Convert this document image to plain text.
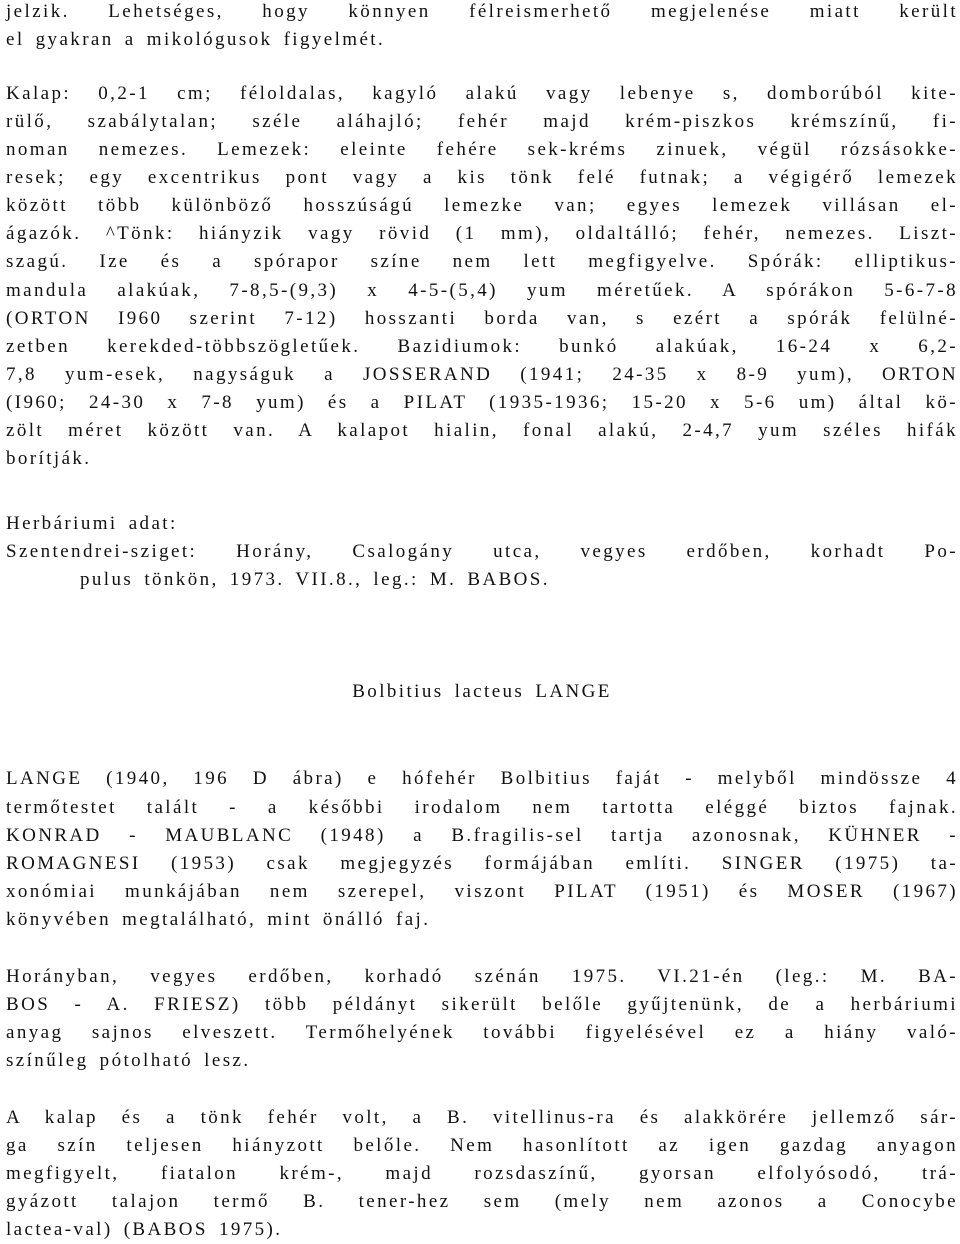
jelzik. Lehetséges, hogy könnyen félreismerhető megjelenése miatt került
el gyakran a mikológusok figyelmét.
Kalap: 0,2-1 cm; féloldalas, kagyló alakú vagy lebenye s, domborúból kite-
rülő, szabálytalan; széle aláhajló; fehér majd krém-piszkos krémszínű, fi-
noman nemezes. Lemezek: eleinte fehére sek-kréms zinuek, végül rózsásokke-
resek; egy excentrikus pont vagy a kis tönk felé futnak; a végigérő lemezek
között több különböző hosszúságú lemezke van; egyes lemezek villásan el-
ágazók. ^Tönk: hiányzik vagy rövid (1 mm), oldaltálló; fehér, nemezes. Liszt-
szagú. Ize és a spórapor színe nem lett megfigyelve. Spórák: elliptikus-
mandula alakúak, 7-8,5-(9,3) x 4-5-(5,4) yum méretűek. A spórákon 5-6-7-8
(ORTON I960 szerint 7-12) hosszanti borda van, s ezért a spórák felülné-
zetben kerekded-többszögletűek. Bazidiumok: bunkó alakúak, 16-24 x 6,2-
7,8 yum-esek, nagyságuk a JOSSERAND (1941; 24-35 x 8-9 yum), ORTON
(I960; 24-30 x 7-8 yum) és a PILAT (1935-1936; 15-20 x 5-6 um) által kö-
zölt méret között van. A kalapot hialin, fonal alakú, 2-4,7 yum széles hifák
borítják.
Herbáriumi adat:
Szentendrei-sziget: Horány, Csalogány utca, vegyes erdőben, korhadt Po-
pulus tönkön, 1973. VII.8., leg.: M. BABOS.
Bolbitius lacteus LANGE
LANGE (1940, 196 D ábra) e hófehér Bolbitius faját - melyből mindössze 4
termőtestet talált - a későbbi irodalom nem tartotta eléggé biztos fajnak.
KONRAD - MAUBLANC (1948) a B.fragilis-sel tartja azonosnak, KÜHNER -
ROMAGNESI (1953) csak megjegyzés formájában említi. SINGER (1975) ta-
xonómiai munkájában nem szerepel, viszont PILAT (1951) és MOSER (1967)
könyvében megtalálható, mint önálló faj.
Horányban, vegyes erdőben, korhadó szénán 1975. VI.21-én (leg.: M. BA-
BOS - A. FRIESZ) több példányt sikerült belőle gyűjtenünk, de a herbáriumi
anyag sajnos elveszett. Termőhelyének további figyelésével ez a hiány való-
színűleg pótolható lesz.
A kalap és a tönk fehér volt, a B. vitellinus-ra és alakkörére jellemző sár-
ga szín teljesen hiányzott belőle. Nem hasonlított az igen gazdag anyagon
megfigyelt, fiatalon krém-, majd rozsdaszínű, gyorsan elfolyósodó, trá-
gyázott talajon termő B. tener-hez sem (mely nem azonos a Conocybe
lactea-val) (BABOS 1975).
